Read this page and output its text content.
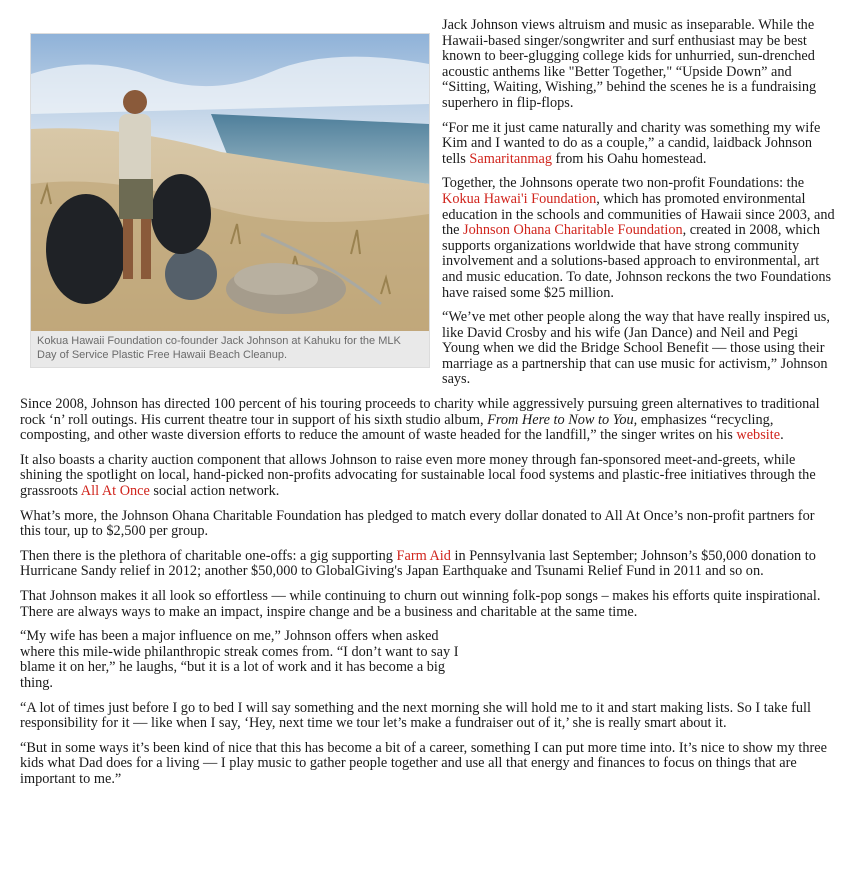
Kokua Hawaii Foundation co-founder Jack Johnson at Kahuku for the MLK Day of Service Plastic Free Hawaii Beach Cleanup.

Jack Johnson views altruism and music as inseparable. While the Hawaii-based singer/songwriter and surf enthusiast may be best known to beer-glugging college kids for unhurried, sun-drenched acoustic anthems like "Better Together," “Upside Down” and “Sitting, Waiting, Wishing,” behind the scenes he is a fundraising superhero in flip-flops.

“For me it just came naturally and charity was something my wife Kim and I wanted to do as a couple,” a candid, laidback Johnson tells Samaritanmag from his Oahu homestead.

Together, the Johnsons operate two non-profit Foundations: the Kokua Hawai'i Foundation, which has promoted environmental education in the schools and communities of Hawaii since 2003, and the Johnson Ohana Charitable Foundation, created in 2008, which supports organizations worldwide that have strong community involvement and a solutions-based approach to environmental, art and music education. To date, Johnson reckons the two Foundations have raised some $25 million.

“We’ve met other people along the way that have really inspired us, like David Crosby and his wife (Jan Dance) and Neil and Pegi Young when we did the Bridge School Benefit — those using their marriage as a partnership that can use music for activism,” Johnson says.

Since 2008, Johnson has directed 100 percent of his touring proceeds to charity while aggressively pursuing green alternatives to traditional rock ‘n’ roll outings. His current theatre tour in support of his sixth studio album, From Here to Now to You, emphasizes “recycling, composting, and other waste diversion efforts to reduce the amount of waste headed for the landfill,” the singer writes on his website.

It also boasts a charity auction component that allows Johnson to raise even more money through fan-sponsored meet-and-greets, while shining the spotlight on local, hand-picked non-profits advocating for sustainable local food systems and plastic-free initiatives through the grassroots All At Once social action network.

What’s more, the Johnson Ohana Charitable Foundation has pledged to match every dollar donated to All At Once’s non-profit partners for this tour, up to $2,500 per group.

Then there is the plethora of charitable one-offs: a gig supporting Farm Aid in Pennsylvania last September; Johnson’s $50,000 donation to Hurricane Sandy relief in 2012; another $50,000 to GlobalGiving's Japan Earthquake and Tsunami Relief Fund in 2011 and so on.

That Johnson makes it all look so effortless — while continuing to churn out winning folk-pop songs – makes his efforts quite inspirational. There are always ways to make an impact, inspire change and be a business and charitable at the same time.

“My wife has been a major influence on me,” Johnson offers when asked where this mile-wide philanthropic streak comes from. “I don’t want to say I blame it on her,” he laughs, “but it is a lot of work and it has become a big thing.

“A lot of times just before I go to bed I will say something and the next morning she will hold me to it and start making lists. So I take full responsibility for it — like when I say, ‘Hey, next time we tour let’s make a fundraiser out of it,’ she is really smart about it.

“But in some ways it’s been kind of nice that this has become a bit of a career, something I can put more time into. It’s nice to show my three kids what Dad does for a living — I play music to gather people together and use all that energy and finances to focus on things that are important to me.”
